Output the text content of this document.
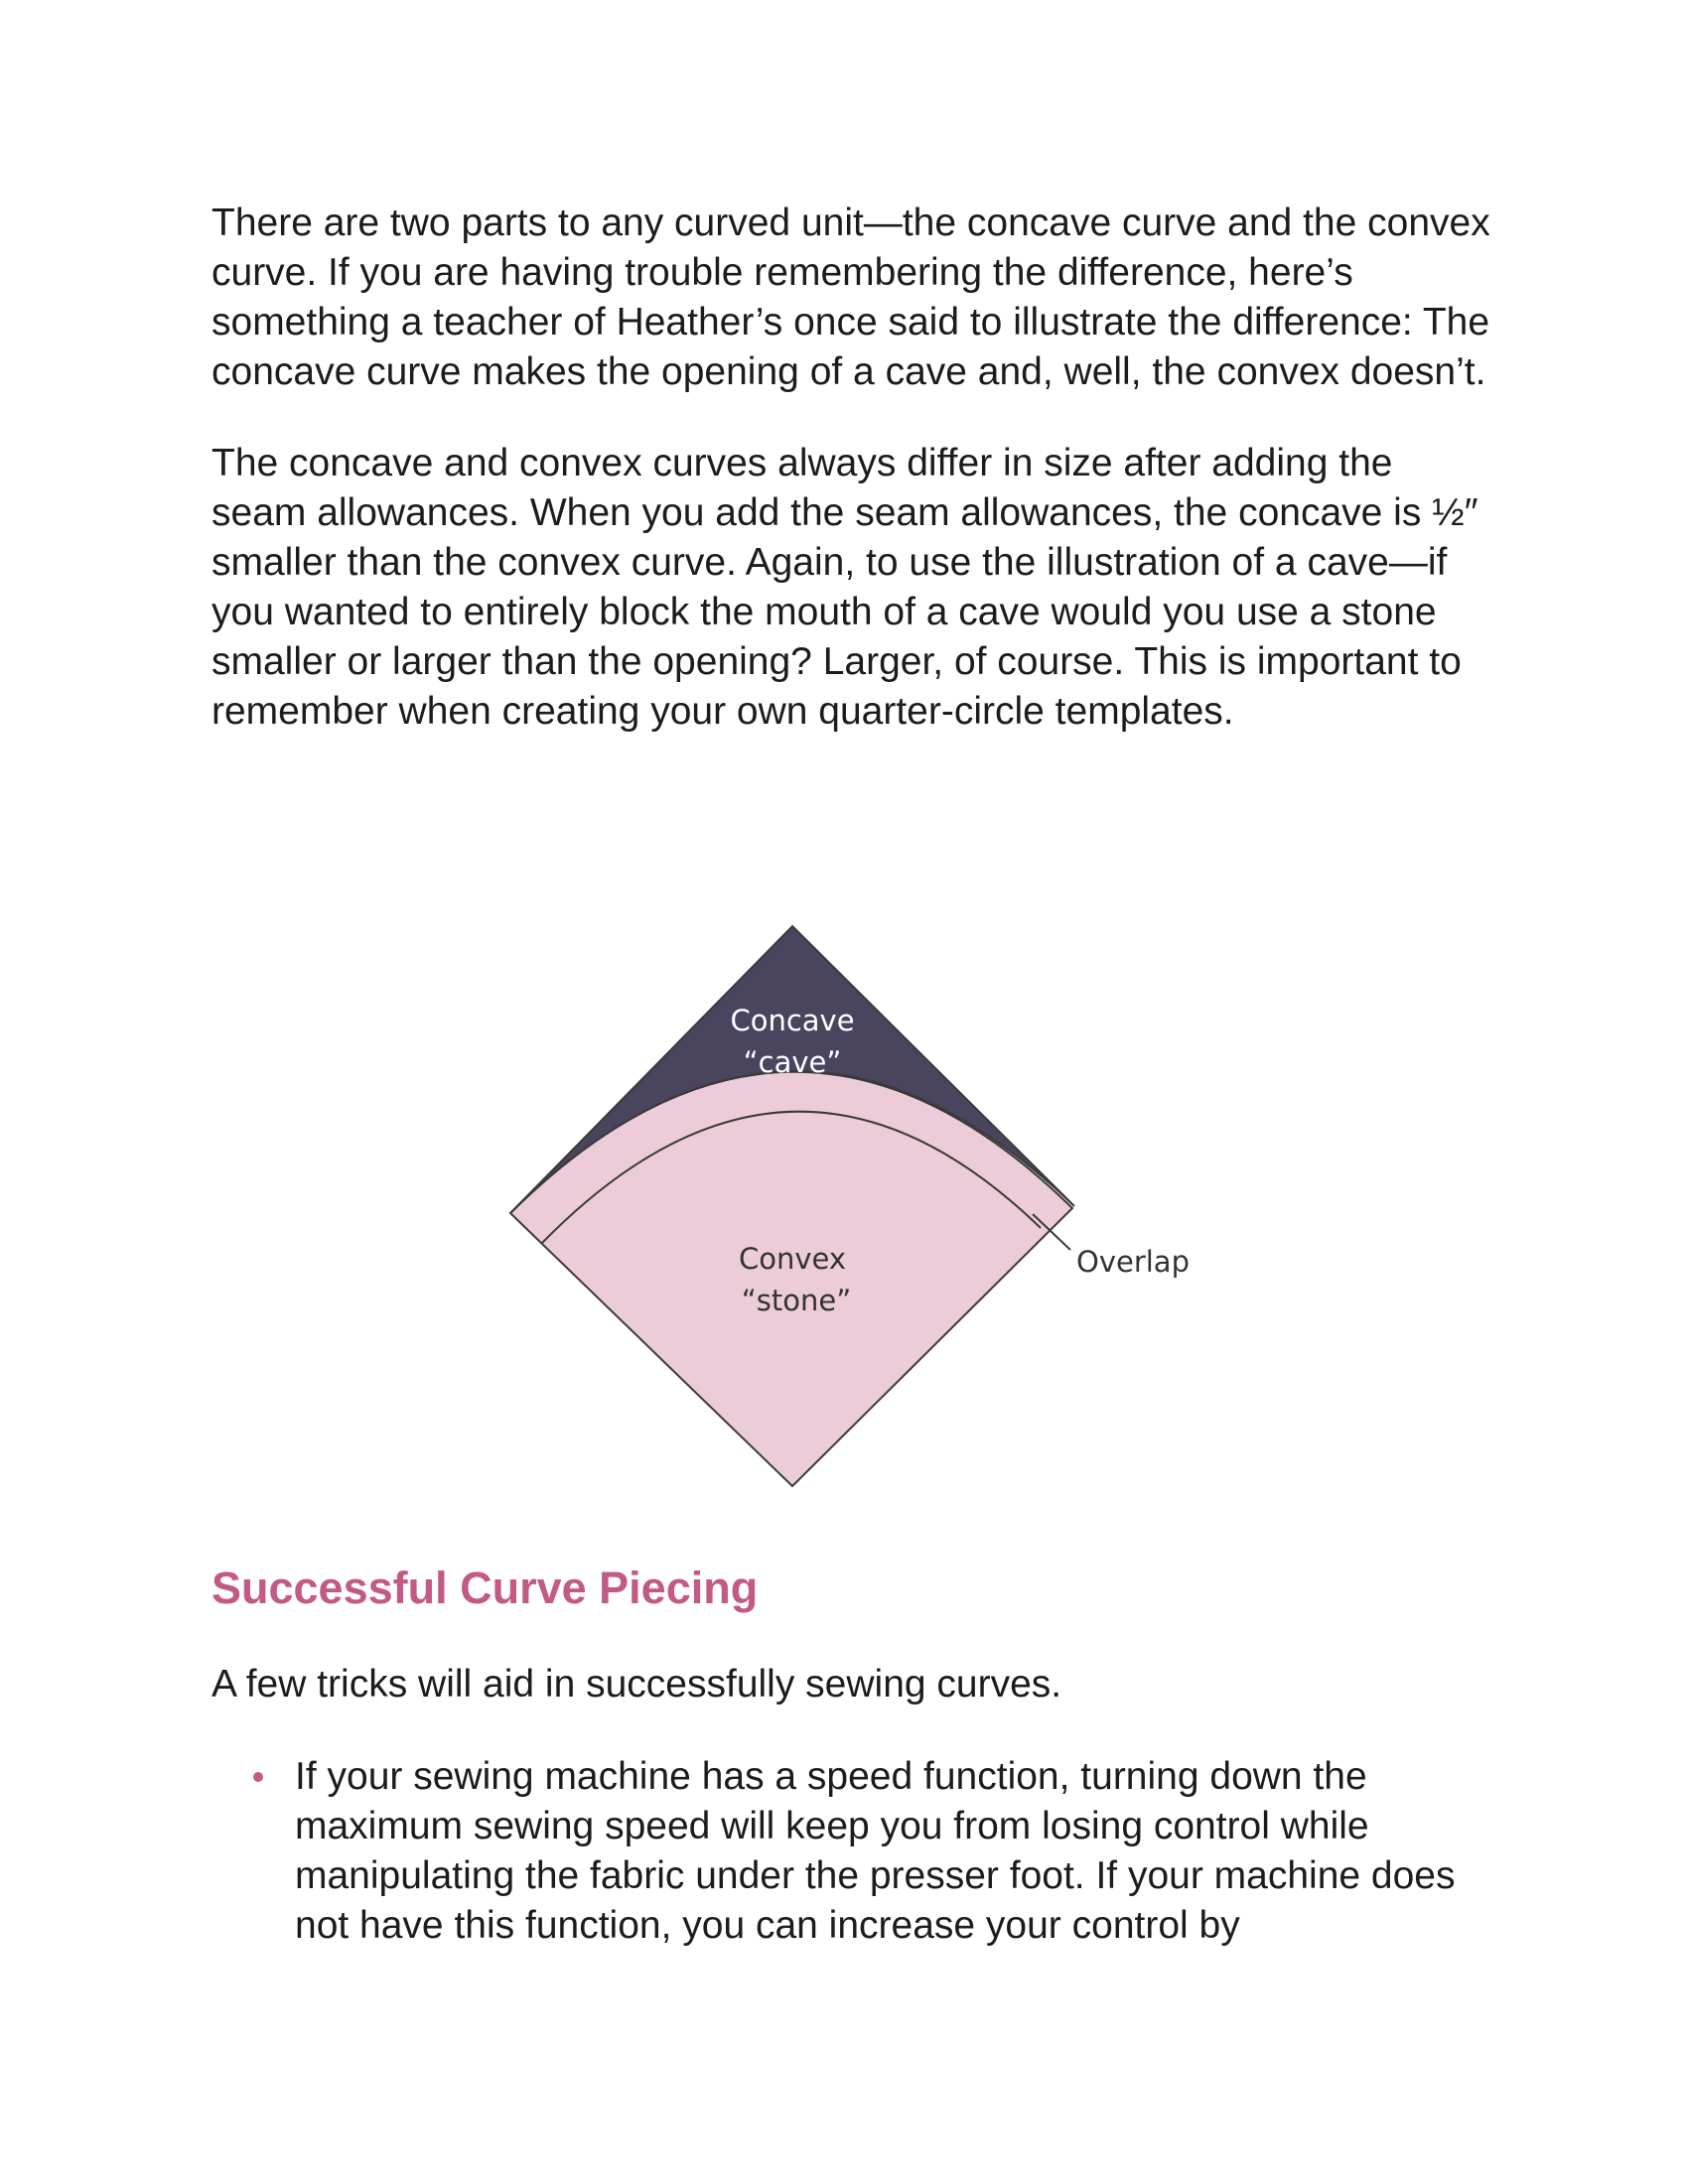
There are two parts to any curved unit—the concave curve and the convex curve. If you are having trouble remembering the difference, here’s something a teacher of Heather’s once said to illustrate the difference: The concave curve makes the opening of a cave and, well, the convex doesn’t.

The concave and convex curves always differ in size after adding the seam allowances. When you add the seam allowances, the concave is ½″ smaller than the convex curve. Again, to use the illustration of a cave—if you wanted to entirely block the mouth of a cave would you use a stone smaller or larger than the opening? Larger, of course. This is important to remember when creating your own quarter-circle templates.

Concave
“cave”
Convex
“stone”
Overlap
Successful Curve Piecing

A few tricks will aid in successfully sewing curves.

If your sewing machine has a speed function, turning down the maximum sewing speed will keep you from losing control while manipulating the fabric under the presser foot. If your machine does not have this function, you can increase your control by
